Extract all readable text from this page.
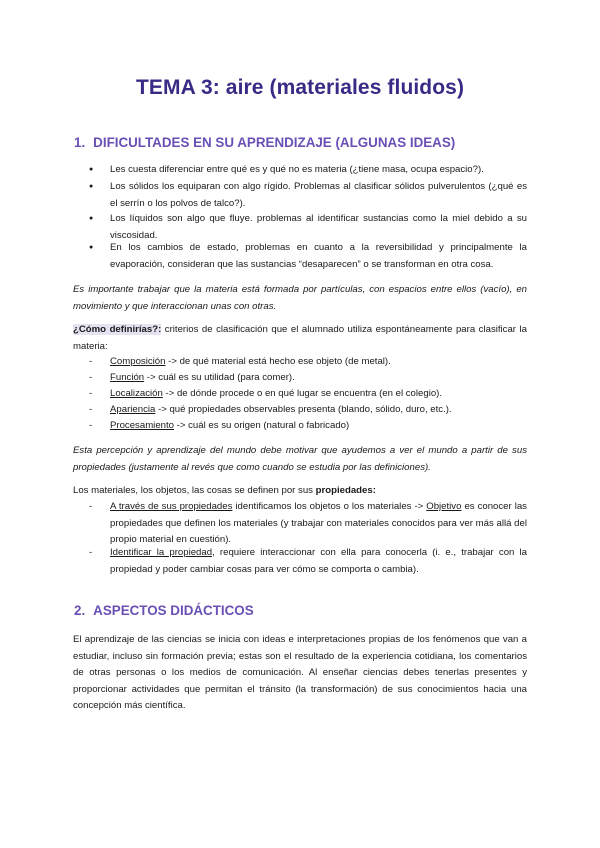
TEMA 3: aire (materiales fluidos)
1. DIFICULTADES EN SU APRENDIZAJE (ALGUNAS IDEAS)
● Les cuesta diferenciar entre qué es y qué no es materia (¿tiene masa, ocupa espacio?).
● Los sólidos los equiparan con algo rígido. Problemas al clasificar sólidos pulverulentos (¿qué es el serrín o los polvos de talco?).
● Los líquidos son algo que fluye. problemas al identificar sustancias como la miel debido a su viscosidad.
● En los cambios de estado, problemas en cuanto a la reversibilidad y principalmente la evaporación, consideran que las sustancias “desaparecen” o se transforman en otra cosa.
Es importante trabajar que la materia está formada por partículas, con espacios entre ellos (vacío), en movimiento y que interaccionan unas con otras.
¿Cómo definirías?: criterios de clasificación que el alumnado utiliza espontáneamente para clasificar la materia:
- Composición -> de qué material está hecho ese objeto (de metal).
- Función -> cuál es su utilidad (para comer).
- Localización -> de dónde procede o en qué lugar se encuentra (en el colegio).
- Apariencia -> qué propiedades observables presenta (blando, sólido, duro, etc.).
- Procesamiento -> cuál es su origen (natural o fabricado)
Esta percepción y aprendizaje del mundo debe motivar que ayudemos a ver el mundo a partir de sus propiedades (justamente al revés que como cuando se estudia por las definiciones).
Los materiales, los objetos, las cosas se definen por sus propiedades:
- A través de sus propiedades identificamos los objetos o los materiales -> Objetivo es conocer las propiedades que definen los materiales (y trabajar con materiales conocidos para ver más allá del propio material en cuestión).
- Identificar la propiedad, requiere interaccionar con ella para conocerla (i. e., trabajar con la propiedad y poder cambiar cosas para ver cómo se comporta o cambia).
2. ASPECTOS DIDÁCTICOS
El aprendizaje de las ciencias se inicia con ideas e interpretaciones propias de los fenómenos que van a estudiar, incluso sin formación previa; estas son el resultado de la experiencia cotidiana, los comentarios de otras personas o los medios de comunicación. Al enseñar ciencias debes tenerlas presentes y proporcionar actividades que permitan el tránsito (la transformación) de sus conocimientos hacia una concepción más científica.
